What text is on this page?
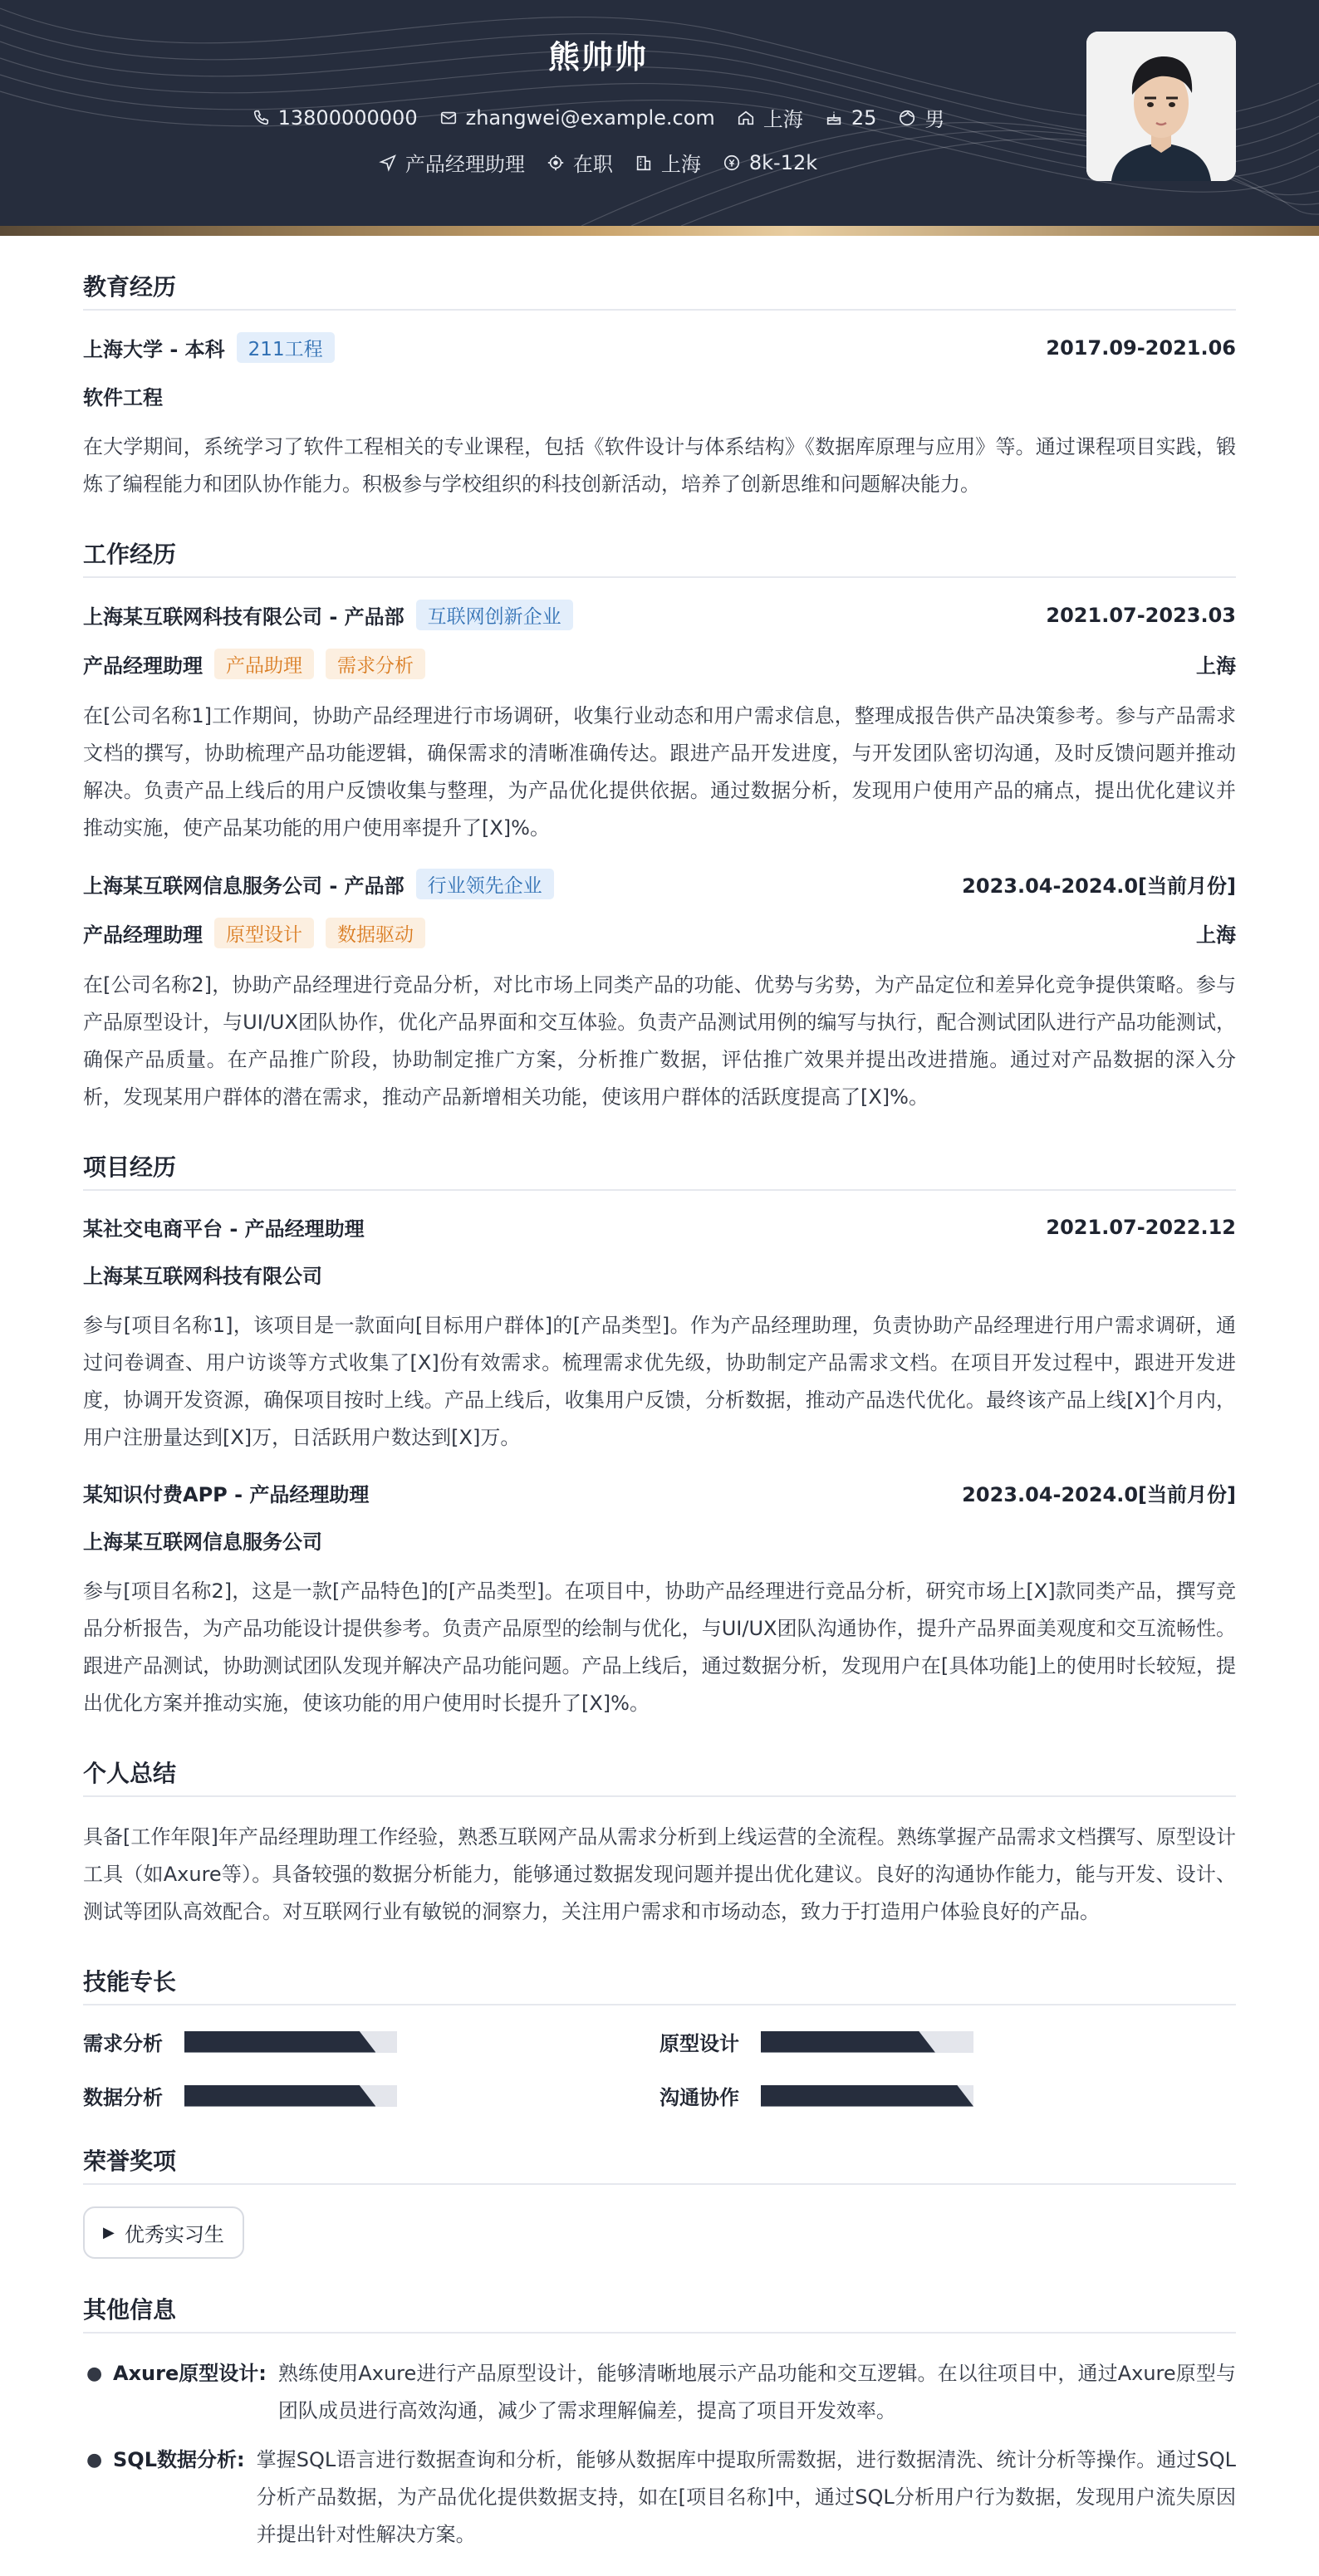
熊帅帅
13800000000 zhangwei@example.com 上海 25 男
产品经理助理 在职 上海 8k-12k
教育经历
上海大学 - 本科	211工程	2017.09-2021.06
软件工程

在大学期间，系统学习了软件工程相关的专业课程，包括《软件设计与体系结构》《数据库原理与应用》等。通过课程项目实践，锻炼了编程能力和团队协作能力。积极参与学校组织的科技创新活动，培养了创新思维和问题解决能力。

工作经历
上海某互联网科技有限公司 - 产品部	互联网创新企业	2021.07-2023.03
产品经理助理	产品助理	需求分析	上海

在[公司名称1]工作期间，协助产品经理进行市场调研，收集行业动态和用户需求信息，整理成报告供产品决策参考。参与产品需求文档的撰写，协助梳理产品功能逻辑，确保需求的清晰准确传达。跟进产品开发进度，与开发团队密切沟通，及时反馈问题并推动解决。负责产品上线后的用户反馈收集与整理，为产品优化提供依据。通过数据分析，发现用户使用产品的痛点，提出优化建议并推动实施，使产品某功能的用户使用率提升了[X]%。

上海某互联网信息服务公司 - 产品部	行业领先企业	2023.04-2024.0[当前月份]
产品经理助理	原型设计	数据驱动	上海

在[公司名称2]，协助产品经理进行竞品分析，对比市场上同类产品的功能、优势与劣势，为产品定位和差异化竞争提供策略。参与产品原型设计，与UI/UX团队协作，优化产品界面和交互体验。负责产品测试用例的编写与执行，配合测试团队进行产品功能测试，确保产品质量。在产品推广阶段，协助制定推广方案，分析推广数据，评估推广效果并提出改进措施。通过对产品数据的深入分析，发现某用户群体的潜在需求，推动产品新增相关功能，使该用户群体的活跃度提高了[X]%。

项目经历
某社交电商平台 - 产品经理助理	2021.07-2022.12
上海某互联网科技有限公司

参与[项目名称1]，该项目是一款面向[目标用户群体]的[产品类型]。作为产品经理助理，负责协助产品经理进行用户需求调研，通过问卷调查、用户访谈等方式收集了[X]份有效需求。梳理需求优先级，协助制定产品需求文档。在项目开发过程中，跟进开发进度，协调开发资源，确保项目按时上线。产品上线后，收集用户反馈，分析数据，推动产品迭代优化。最终该产品上线[X]个月内，用户注册量达到[X]万，日活跃用户数达到[X]万。

某知识付费APP - 产品经理助理	2023.04-2024.0[当前月份]
上海某互联网信息服务公司

参与[项目名称2]，这是一款[产品特色]的[产品类型]。在项目中，协助产品经理进行竞品分析，研究市场上[X]款同类产品，撰写竞品分析报告，为产品功能设计提供参考。负责产品原型的绘制与优化，与UI/UX团队沟通协作，提升产品界面美观度和交互流畅性。跟进产品测试，协助测试团队发现并解决产品功能问题。产品上线后，通过数据分析，发现用户在[具体功能]上的使用时长较短，提出优化方案并推动实施，使该功能的用户使用时长提升了[X]%。

个人总结

具备[工作年限]年产品经理助理工作经验，熟悉互联网产品从需求分析到上线运营的全流程。熟练掌握产品需求文档撰写、原型设计工具（如Axure等）。具备较强的数据分析能力，能够通过数据发现问题并提出优化建议。良好的沟通协作能力，能与开发、设计、测试等团队高效配合。对互联网行业有敏锐的洞察力，关注用户需求和市场动态，致力于打造用户体验良好的产品。

技能专长
需求分析	原型设计
数据分析	沟通协作
荣誉奖项
▶ 优秀实习生
其他信息
● Axure原型设计: 熟练使用Axure进行产品原型设计，能够清晰地展示产品功能和交互逻辑。在以往项目中，通过Axure原型与团队成员进行高效沟通，减少了需求理解偏差，提高了项目开发效率。
● SQL数据分析: 掌握SQL语言进行数据查询和分析，能够从数据库中提取所需数据，进行数据清洗、统计分析等操作。通过SQL分析产品数据，为产品优化提供数据支持，如在[项目名称]中，通过SQL分析用户行为数据，发现用户流失原因并提出针对性解决方案。
